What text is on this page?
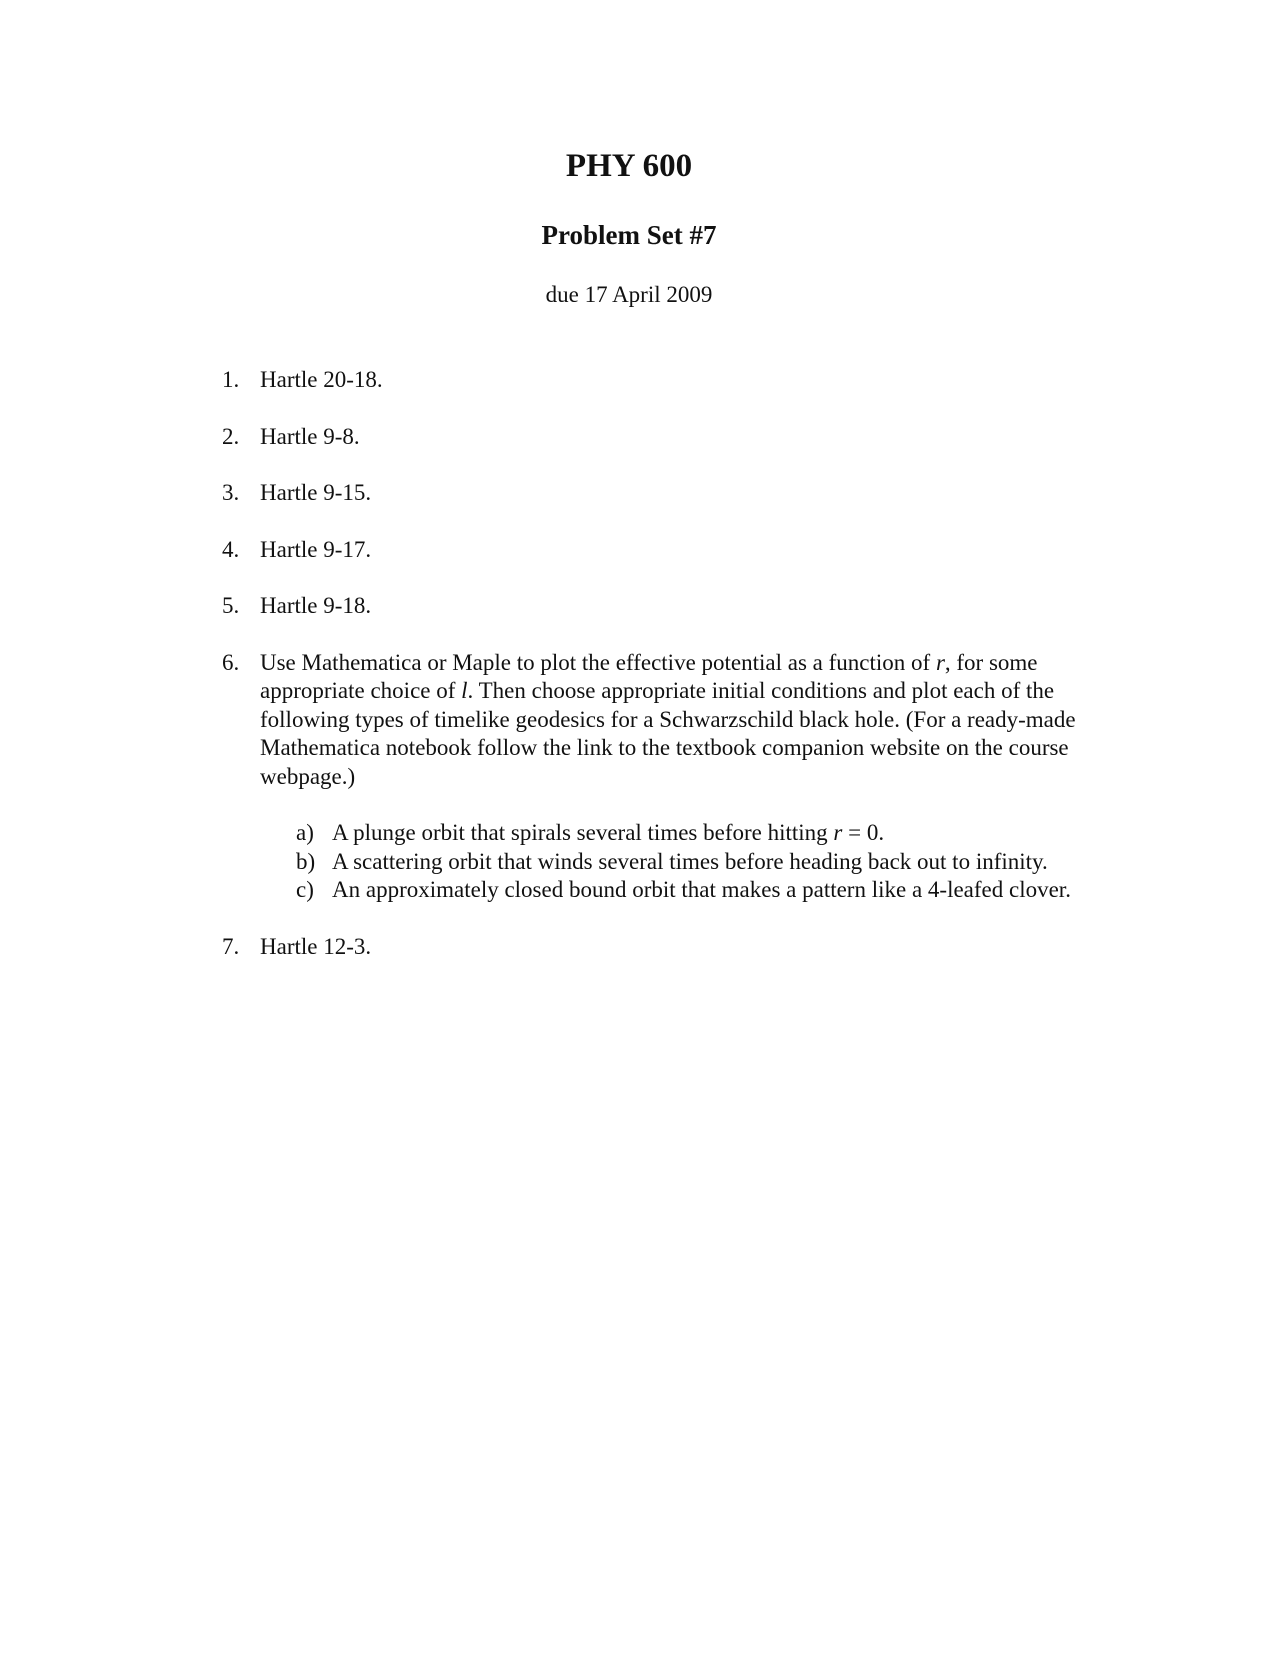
PHY 600
Problem Set #7
due 17 April 2009
1. Hartle 20-18.
2. Hartle 9-8.
3. Hartle 9-15.
4. Hartle 9-17.
5. Hartle 9-18.
6. Use Mathematica or Maple to plot the effective potential as a function of r, for some appropriate choice of l. Then choose appropriate initial conditions and plot each of the following types of timelike geodesics for a Schwarzschild black hole. (For a ready-made Mathematica notebook follow the link to the textbook companion website on the course webpage.)
a) A plunge orbit that spirals several times before hitting r = 0.
b) A scattering orbit that winds several times before heading back out to infinity.
c) An approximately closed bound orbit that makes a pattern like a 4-leafed clover.
7. Hartle 12-3.
